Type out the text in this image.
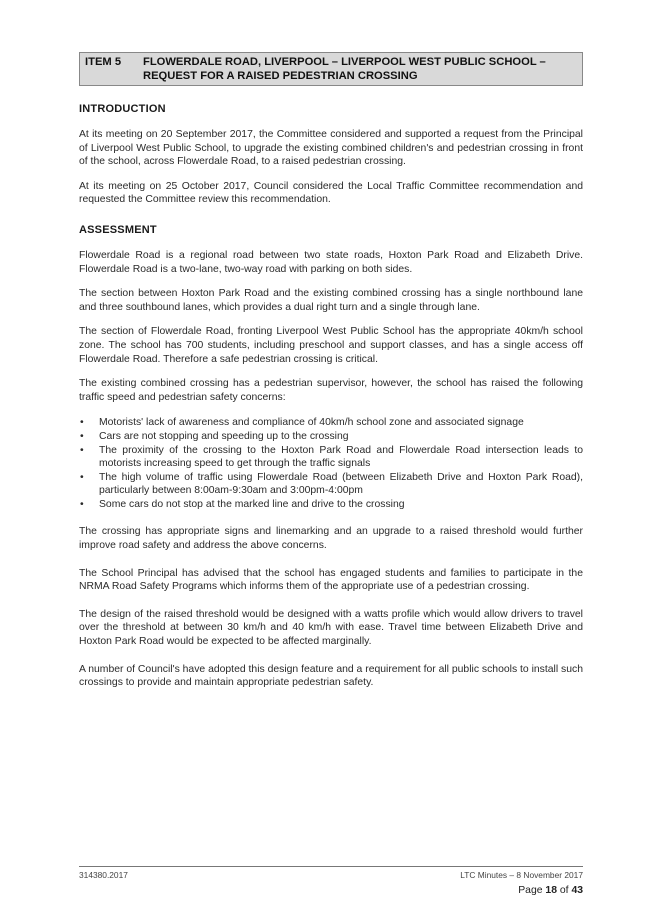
ITEM 5 FLOWERDALE ROAD, LIVERPOOL – LIVERPOOL WEST PUBLIC SCHOOL – REQUEST FOR A RAISED PEDESTRIAN CROSSING
INTRODUCTION

At its meeting on 20 September 2017, the Committee considered and supported a request from the Principal of Liverpool West Public School, to upgrade the existing combined children's and pedestrian crossing in front of the school, across Flowerdale Road, to a raised pedestrian crossing.

At its meeting on 25 October 2017, Council considered the Local Traffic Committee recommendation and requested the Committee review this recommendation.

ASSESSMENT

Flowerdale Road is a regional road between two state roads, Hoxton Park Road and Elizabeth Drive. Flowerdale Road is a two-lane, two-way road with parking on both sides.

The section between Hoxton Park Road and the existing combined crossing has a single northbound lane and three southbound lanes, which provides a dual right turn and a single through lane.

The section of Flowerdale Road, fronting Liverpool West Public School has the appropriate 40km/h school zone. The school has 700 students, including preschool and support classes, and has a single access off Flowerdale Road. Therefore a safe pedestrian crossing is critical.

The existing combined crossing has a pedestrian supervisor, however, the school has raised the following traffic speed and pedestrian safety concerns:

• Motorists' lack of awareness and compliance of 40km/h school zone and associated signage
• Cars are not stopping and speeding up to the crossing
• The proximity of the crossing to the Hoxton Park Road and Flowerdale Road intersection leads to motorists increasing speed to get through the traffic signals
• The high volume of traffic using Flowerdale Road (between Elizabeth Drive and Hoxton Park Road), particularly between 8:00am-9:30am and 3:00pm-4:00pm
• Some cars do not stop at the marked line and drive to the crossing

The crossing has appropriate signs and linemarking and an upgrade to a raised threshold would further improve road safety and address the above concerns.

The School Principal has advised that the school has engaged students and families to participate in the NRMA Road Safety Programs which informs them of the appropriate use of a pedestrian crossing.

The design of the raised threshold would be designed with a watts profile which would allow drivers to travel over the threshold at between 30 km/h and 40 km/h with ease. Travel time between Elizabeth Drive and Hoxton Park Road would be expected to be affected marginally.

A number of Council's have adopted this design feature and a requirement for all public schools to install such crossings to provide and maintain appropriate pedestrian safety.

314380.2017	LTC Minutes – 8 November 2017
Page 18 of 43
